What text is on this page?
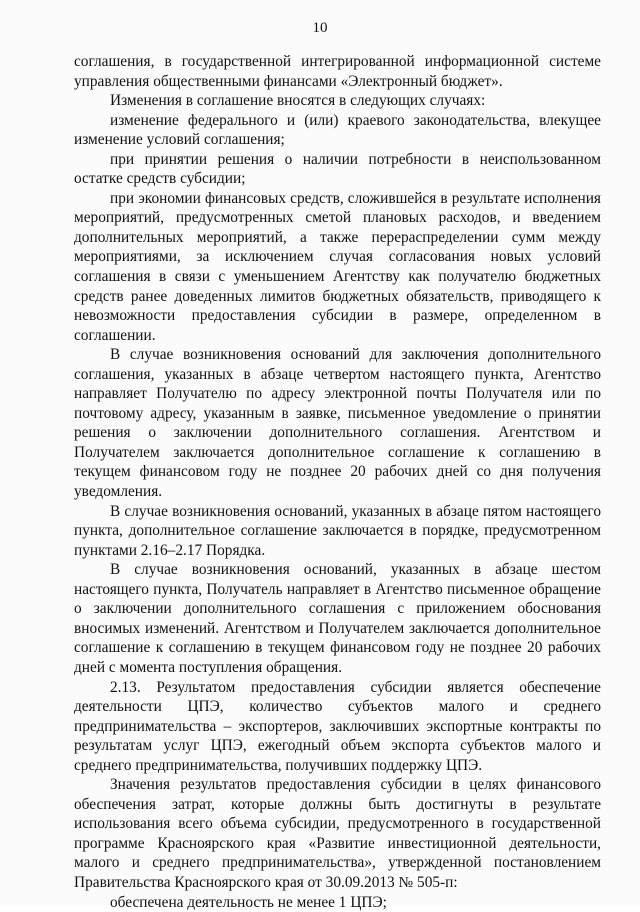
10

соглашения, в государственной интегрированной информационной системе управления общественными финансами «Электронный бюджет».

Изменения в соглашение вносятся в следующих случаях:

изменение федерального и (или) краевого законодательства, влекущее изменение условий соглашения;

при принятии решения о наличии потребности в неиспользованном остатке средств субсидии;

при экономии финансовых средств, сложившейся в результате исполнения мероприятий, предусмотренных сметой плановых расходов, и введением дополнительных мероприятий, а также перераспределении сумм между мероприятиями, за исключением случая согласования новых условий соглашения в связи с уменьшением Агентству как получателю бюджетных средств ранее доведенных лимитов бюджетных обязательств, приводящего к невозможности предоставления субсидии в размере, определенном в соглашении.

В случае возникновения оснований для заключения дополнительного соглашения, указанных в абзаце четвертом настоящего пункта, Агентство направляет Получателю по адресу электронной почты Получателя или по почтовому адресу, указанным в заявке, письменное уведомление о принятии решения о заключении дополнительного соглашения. Агентством и Получателем заключается дополнительное соглашение к соглашению в текущем финансовом году не позднее 20 рабочих дней со дня получения уведомления.

В случае возникновения оснований, указанных в абзаце пятом настоящего пункта, дополнительное соглашение заключается в порядке, предусмотренном пунктами 2.16–2.17 Порядка.

В случае возникновения оснований, указанных в абзаце шестом настоящего пункта, Получатель направляет в Агентство письменное обращение о заключении дополнительного соглашения с приложением обоснования вносимых изменений. Агентством и Получателем заключается дополнительное соглашение к соглашению в текущем финансовом году не позднее 20 рабочих дней с момента поступления обращения.

2.13. Результатом предоставления субсидии является обеспечение деятельности ЦПЭ, количество субъектов малого и среднего предпринимательства – экспортеров, заключивших экспортные контракты по результатам услуг ЦПЭ, ежегодный объем экспорта субъектов малого и среднего предпринимательства, получивших поддержку ЦПЭ.

Значения результатов предоставления субсидии в целях финансового обеспечения затрат, которые должны быть достигнуты в результате использования всего объема субсидии, предусмотренного в государственной программе Красноярского края «Развитие инвестиционной деятельности, малого и среднего предпринимательства», утвержденной постановлением Правительства Красноярского края от 30.09.2013 № 505-п:

обеспечена деятельность не менее 1 ЦПЭ;
